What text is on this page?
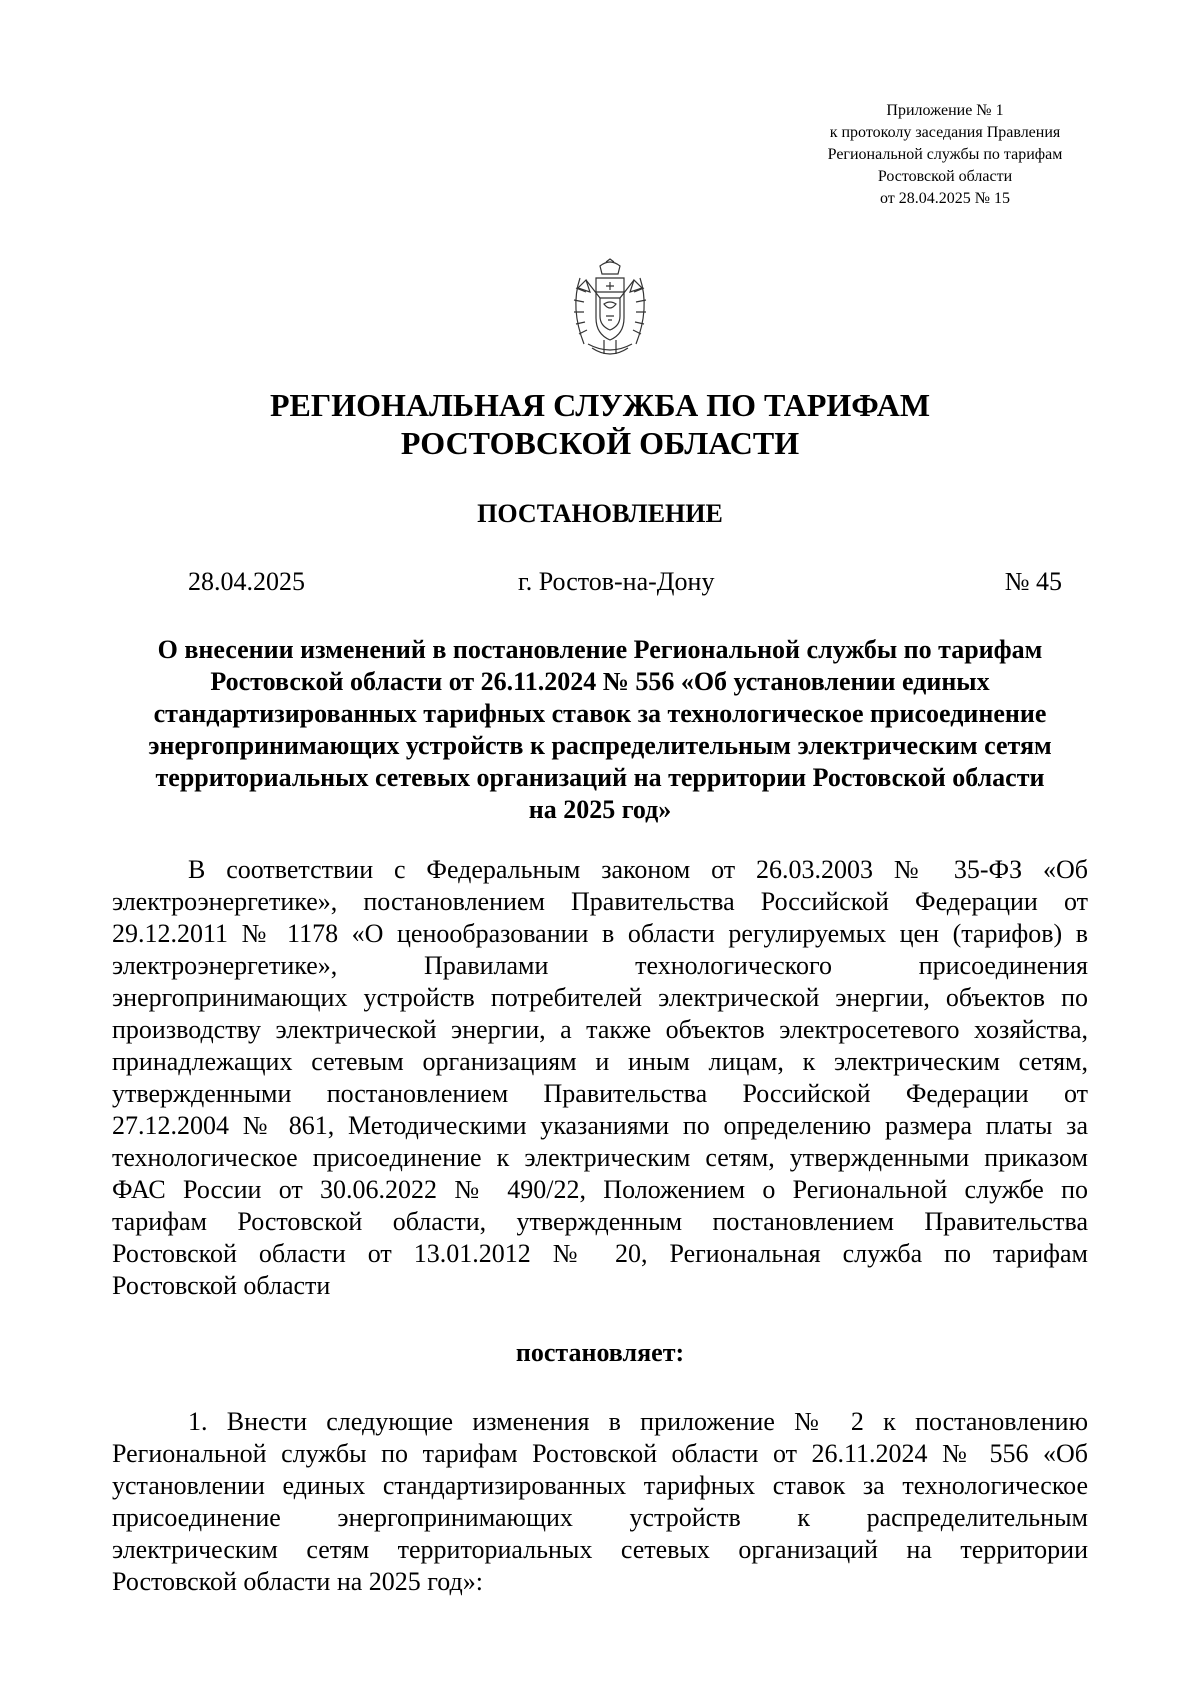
Приложение № 1
к протоколу заседания Правления
Региональной службы по тарифам
Ростовской области
от 28.04.2025 № 15
РЕГИОНАЛЬНАЯ СЛУЖБА ПО ТАРИФАМ
РОСТОВСКОЙ ОБЛАСТИ
ПОСТАНОВЛЕНИЕ
28.04.2025	г. Ростов-на-Дону	№ 45
О внесении изменений в постановление Региональной службы по тарифам
Ростовской области от 26.11.2024 № 556 «Об установлении единых
стандартизированных тарифных ставок за технологическое присоединение
энергопринимающих устройств к распределительным электрическим сетям
территориальных сетевых организаций на территории Ростовской области
на 2025 год»
В соответствии с Федеральным законом от 26.03.2003 № 35-ФЗ «Об
электроэнергетике», постановлением Правительства Российской Федерации от
29.12.2011 № 1178 «О ценообразовании в области регулируемых цен (тарифов) в
электроэнергетике», Правилами технологического присоединения
энергопринимающих устройств потребителей электрической энергии, объектов по
производству электрической энергии, а также объектов электросетевого хозяйства,
принадлежащих сетевым организациям и иным лицам, к электрическим сетям,
утвержденными постановлением Правительства Российской Федерации от
27.12.2004 № 861, Методическими указаниями по определению размера платы за
технологическое присоединение к электрическим сетям, утвержденными приказом
ФАС России от 30.06.2022 № 490/22, Положением о Региональной службе по
тарифам Ростовской области, утвержденным постановлением Правительства
Ростовской области от 13.01.2012 № 20, Региональная служба по тарифам
Ростовской области
постановляет:
1. Внести следующие изменения в приложение № 2 к постановлению
Региональной службы по тарифам Ростовской области от 26.11.2024 № 556 «Об
установлении единых стандартизированных тарифных ставок за технологическое
присоединение энергопринимающих устройств к распределительным
электрическим сетям территориальных сетевых организаций на территории
Ростовской области на 2025 год»:
